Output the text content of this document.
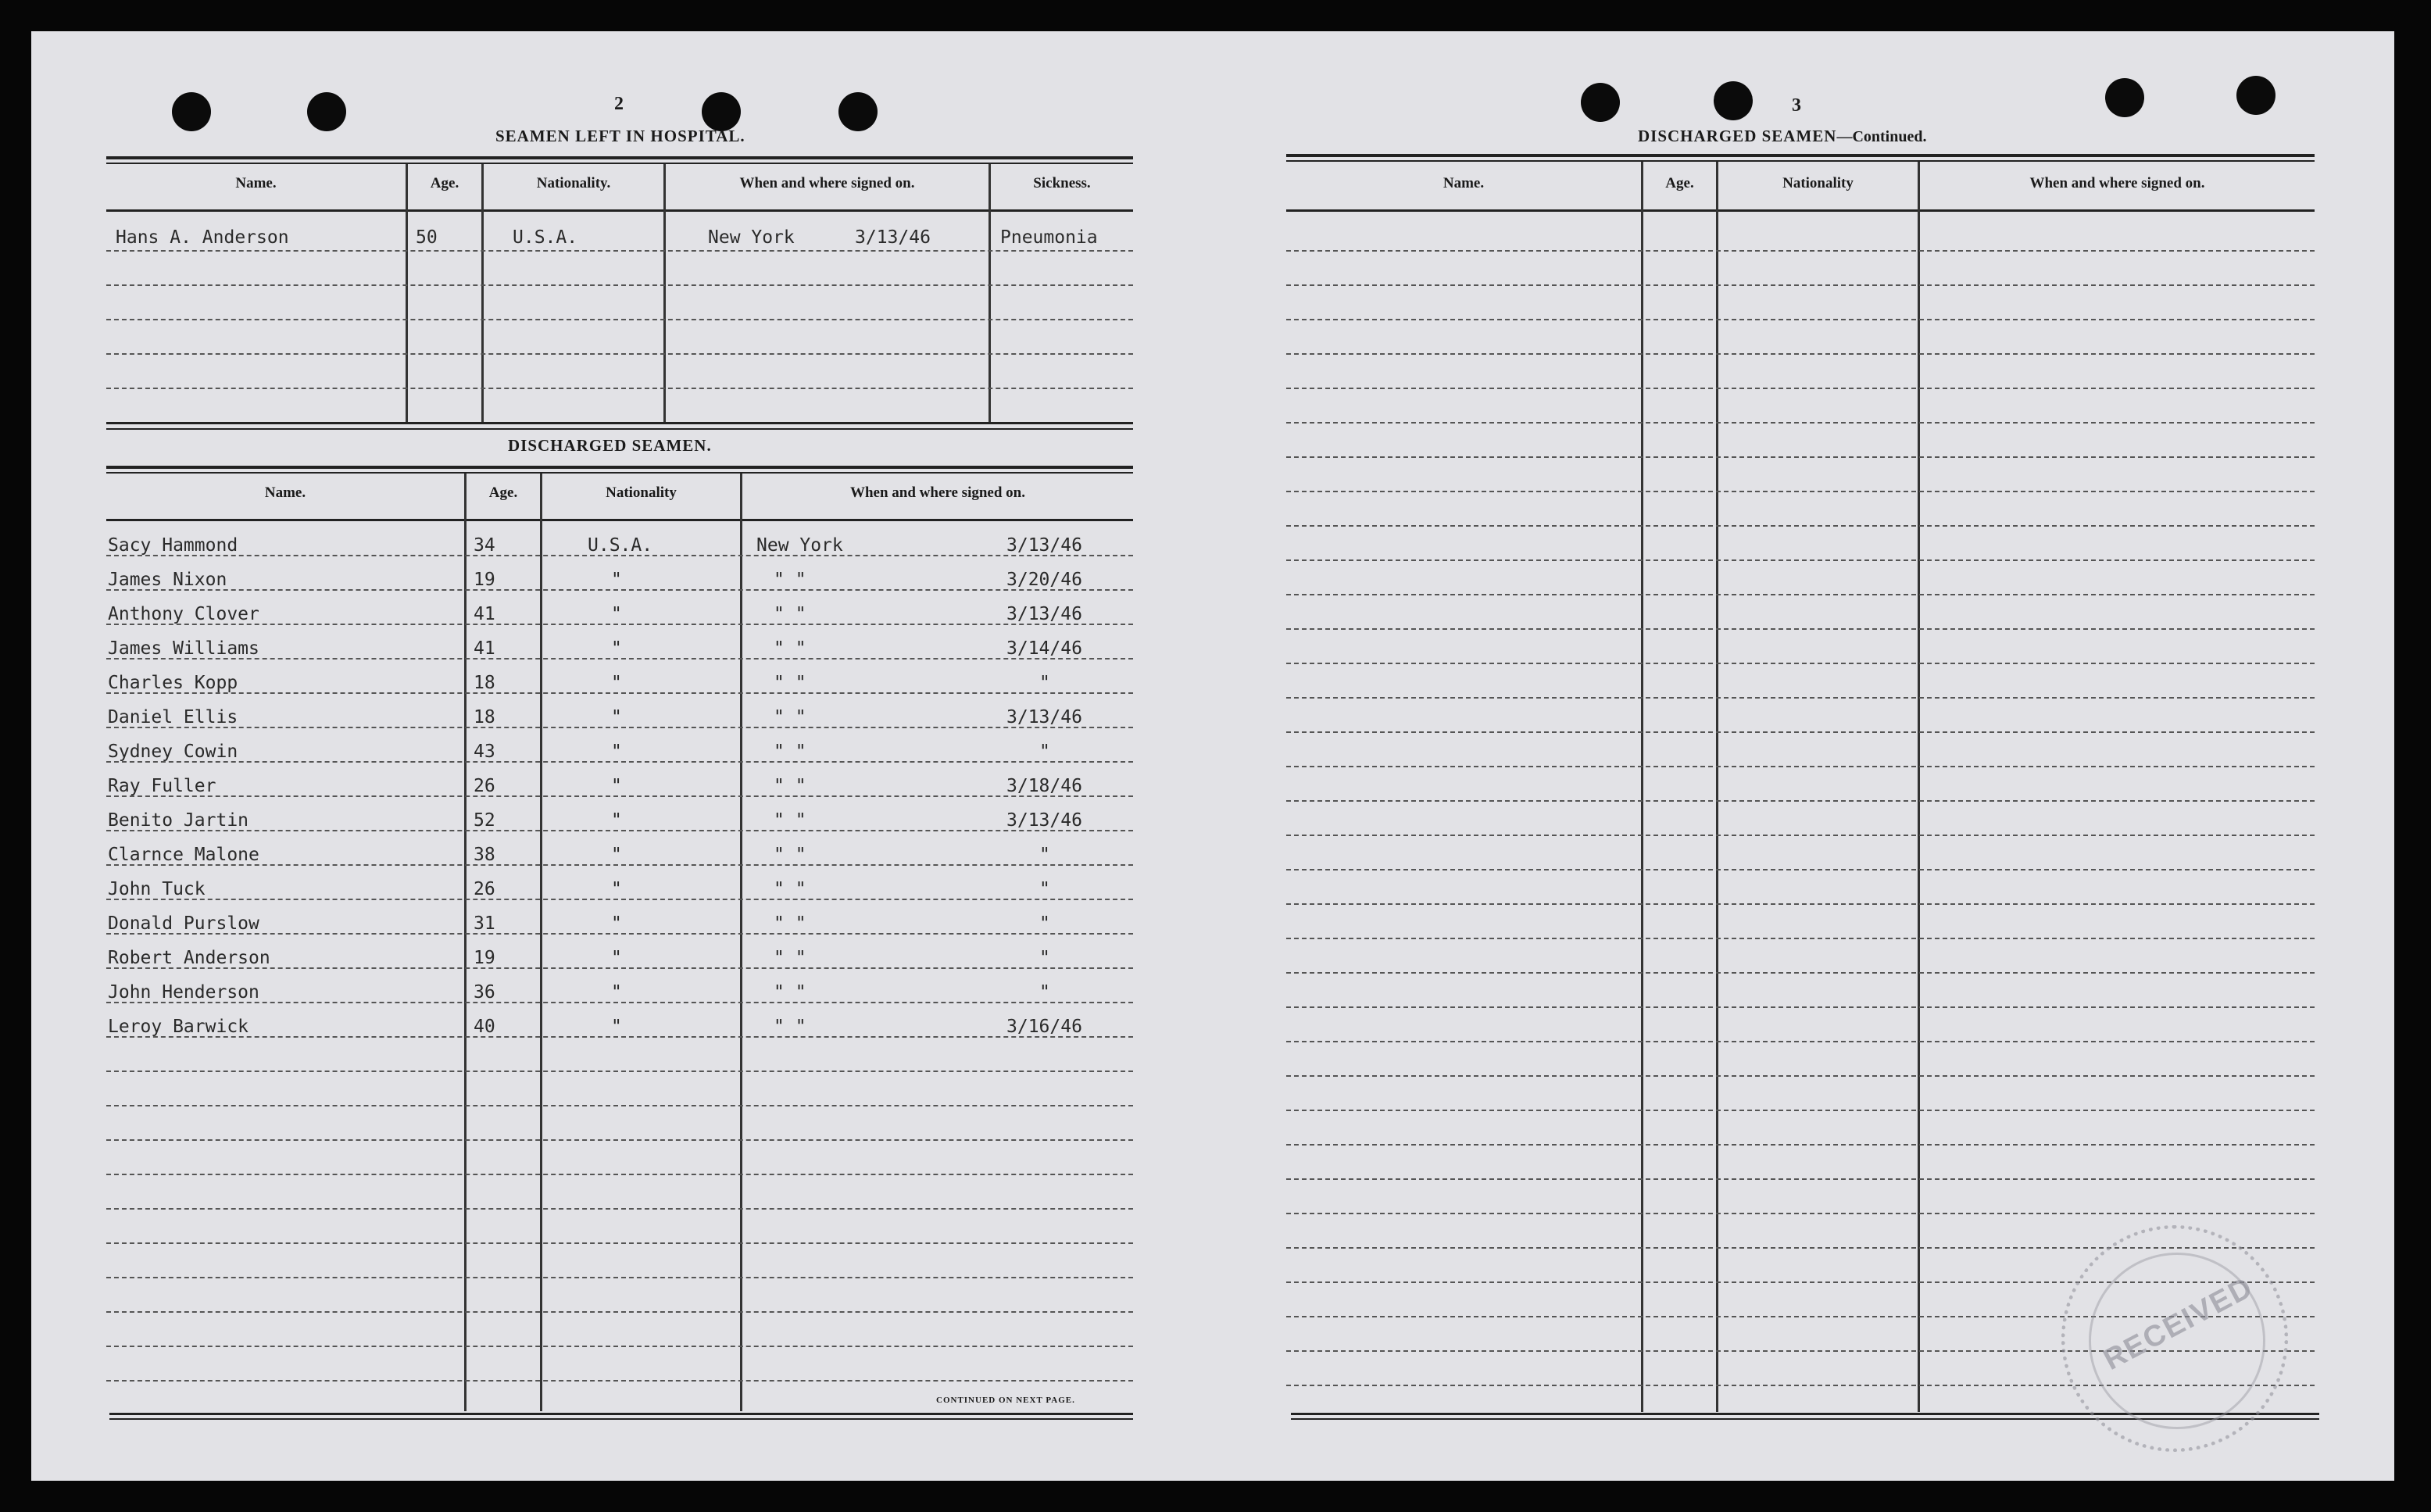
2
SEAMEN LEFT IN HOSPITAL.
Name.	Age.	Nationality.	When and where signed on.	Sickness.
Hans A. Anderson	50	U.S.A.	New York	3/13/46	Pneumonia
DISCHARGED SEAMEN.
Name.	Age.	Nationality	When and where signed on.
Sacy Hammond	34	U.S.A.	New York	3/13/46
James Nixon	19	"	" "	3/20/46
Anthony Clover	41	"	" "	3/13/46
James Williams	41	"	" "	3/14/46
Charles Kopp	18	"	" "	"
Daniel Ellis	18	"	" "	3/13/46
Sydney Cowin	43	"	" "	"
Ray Fuller	26	"	" "	3/18/46
Benito Jartin	52	"	" "	3/13/46
Clarnce Malone	38	"	" "	"
John Tuck	26	"	" "	"
Donald Purslow	31	"	" "	"
Robert Anderson	19	"	" "	"
John Henderson	36	"	" "	"
Leroy Barwick	40	"	" "	3/16/46
CONTINUED ON NEXT PAGE.
3
DISCHARGED SEAMEN—Continued.
Name.	Age.	Nationality	When and where signed on.
RECEIVED
